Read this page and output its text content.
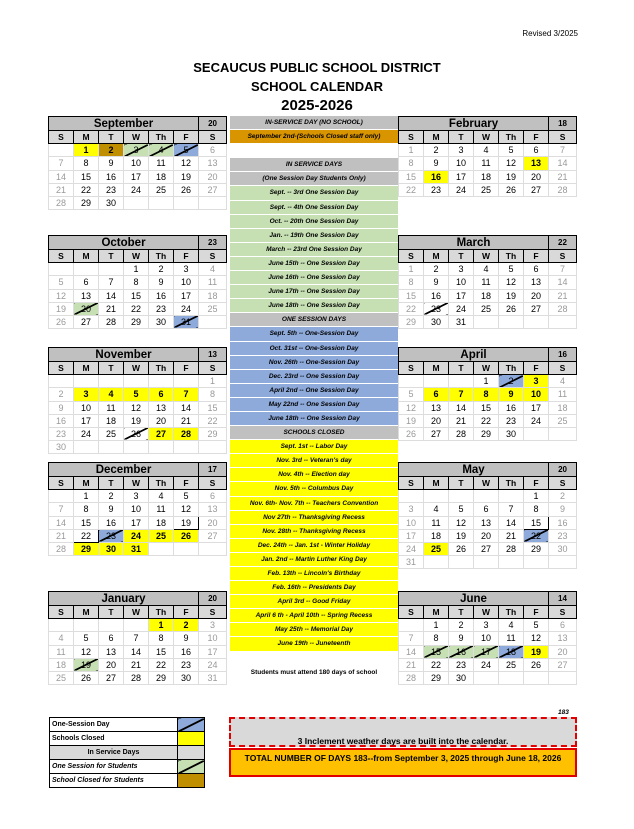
Revised 3/2025
SECAUCUS PUBLIC SCHOOL DISTRICT
SCHOOL CALENDAR
2025-2026
September						20
S	M	T	W	Th	F	S
	1	2	3	4	5	6
7	8	9	10	11	12	13
14	15	16	17	18	19	20
21	22	23	24	25	26	27
28	29	30				
October						23
S	M	T	W	Th	F	S
			1	2	3	4
5	6	7	8	9	10	11
12	13	14	15	16	17	18
19	20	21	22	23	24	25
26	27	28	29	30	31	
November						13
S	M	T	W	Th	F	S
						1
2	3	4	5	6	7	8
9	10	11	12	13	14	15
16	17	18	19	20	21	22
23	24	25	26	27	28	29
30						
December						17
S	M	T	W	Th	F	S
	1	2	3	4	5	6
7	8	9	10	11	12	13
14	15	16	17	18	19	20
21	22	23	24	25	26	27
28	29	30	31			
January						20
S	M	T	W	Th	F	S
				1	2	3
4	5	6	7	8	9	10
11	12	13	14	15	16	17
18	19	20	21	22	23	24
25	26	27	28	29	30	31
February						18
S	M	T	W	Th	F	S
1	2	3	4	5	6	7
8	9	10	11	12	13	14
15	16	17	18	19	20	21
22	23	24	25	26	27	28
March						22
S	M	T	W	Th	F	S
1	2	3	4	5	6	7
8	9	10	11	12	13	14
15	16	17	18	19	20	21
22	23	24	25	26	27	28
29	30	31				
April						16
S	M	T	W	Th	F	S
			1	2	3	4
5	6	7	8	9	10	11
12	13	14	15	16	17	18
19	20	21	22	23	24	25
26	27	28	29	30		
May						20
S	M	T	W	Th	F	S
					1	2
3	4	5	6	7	8	9
10	11	12	13	14	15	16
17	18	19	20	21	22	23
24	25	26	27	28	29	30
31						
June						14
S	M	T	W	Th	F	S
	1	2	3	4	5	6
7	8	9	10	11	12	13
14	15	16	17	18	19	20
21	22	23	24	25	26	27
28	29	30				
IN-SERVICE DAY (NO SCHOOL)
September 2nd-(Schools Closed staff only)
IN SERVICE DAYS
(One Session Day Students Only)
Sept. -- 3rd One Session Day
Sept. -- 4th One Session Day
Oct. -- 20th One Session Day
Jan. -- 19th One Session Day
March -- 23rd One Session Day
June 15th -- One Session Day
June 16th -- One Session Day
June 17th -- One Session Day
June 18th -- One Session Day
ONE SESSION DAYS
Sept. 5th -- One-Session Day
Oct. 31st -- One-Session Day
Nov. 26th -- One-Session Day
Dec. 23rd -- One Session Day
April 2nd -- One Session Day
May 22nd -- One Session Day
June 18th -- One Session Day
SCHOOLS CLOSED
Sept. 1st -- Labor Day
Nov. 3rd -- Veteran's day
Nov. 4th -- Election day
Nov. 5th -- Columbus Day
Nov. 6th- Nov. 7th -- Teachers Convention
Nov 27th -- Thanksgiving Recess
Nov. 28th -- Thanksgiving Recess
Dec. 24th -- Jan. 1st - Winter Holiday
Jan. 2nd -- Martin Luther King Day
Feb. 13th -- Lincoln's Birthday
Feb. 16th -- Presidents Day
April 3rd -- Good Friday
April 6 th - April 10th -- Spring Recess
May 25th -- Memorial Day
June 19th -- Juneteenth
Students must attend 180 days of school
One-Session Day	
Schools Closed	
In Service Days	
One Session for Students	
School Closed for Students	
183
3 Inclement weather days are built into the calendar.
TOTAL NUMBER OF DAYS 183--from September 3, 2025 through June 18, 2026
